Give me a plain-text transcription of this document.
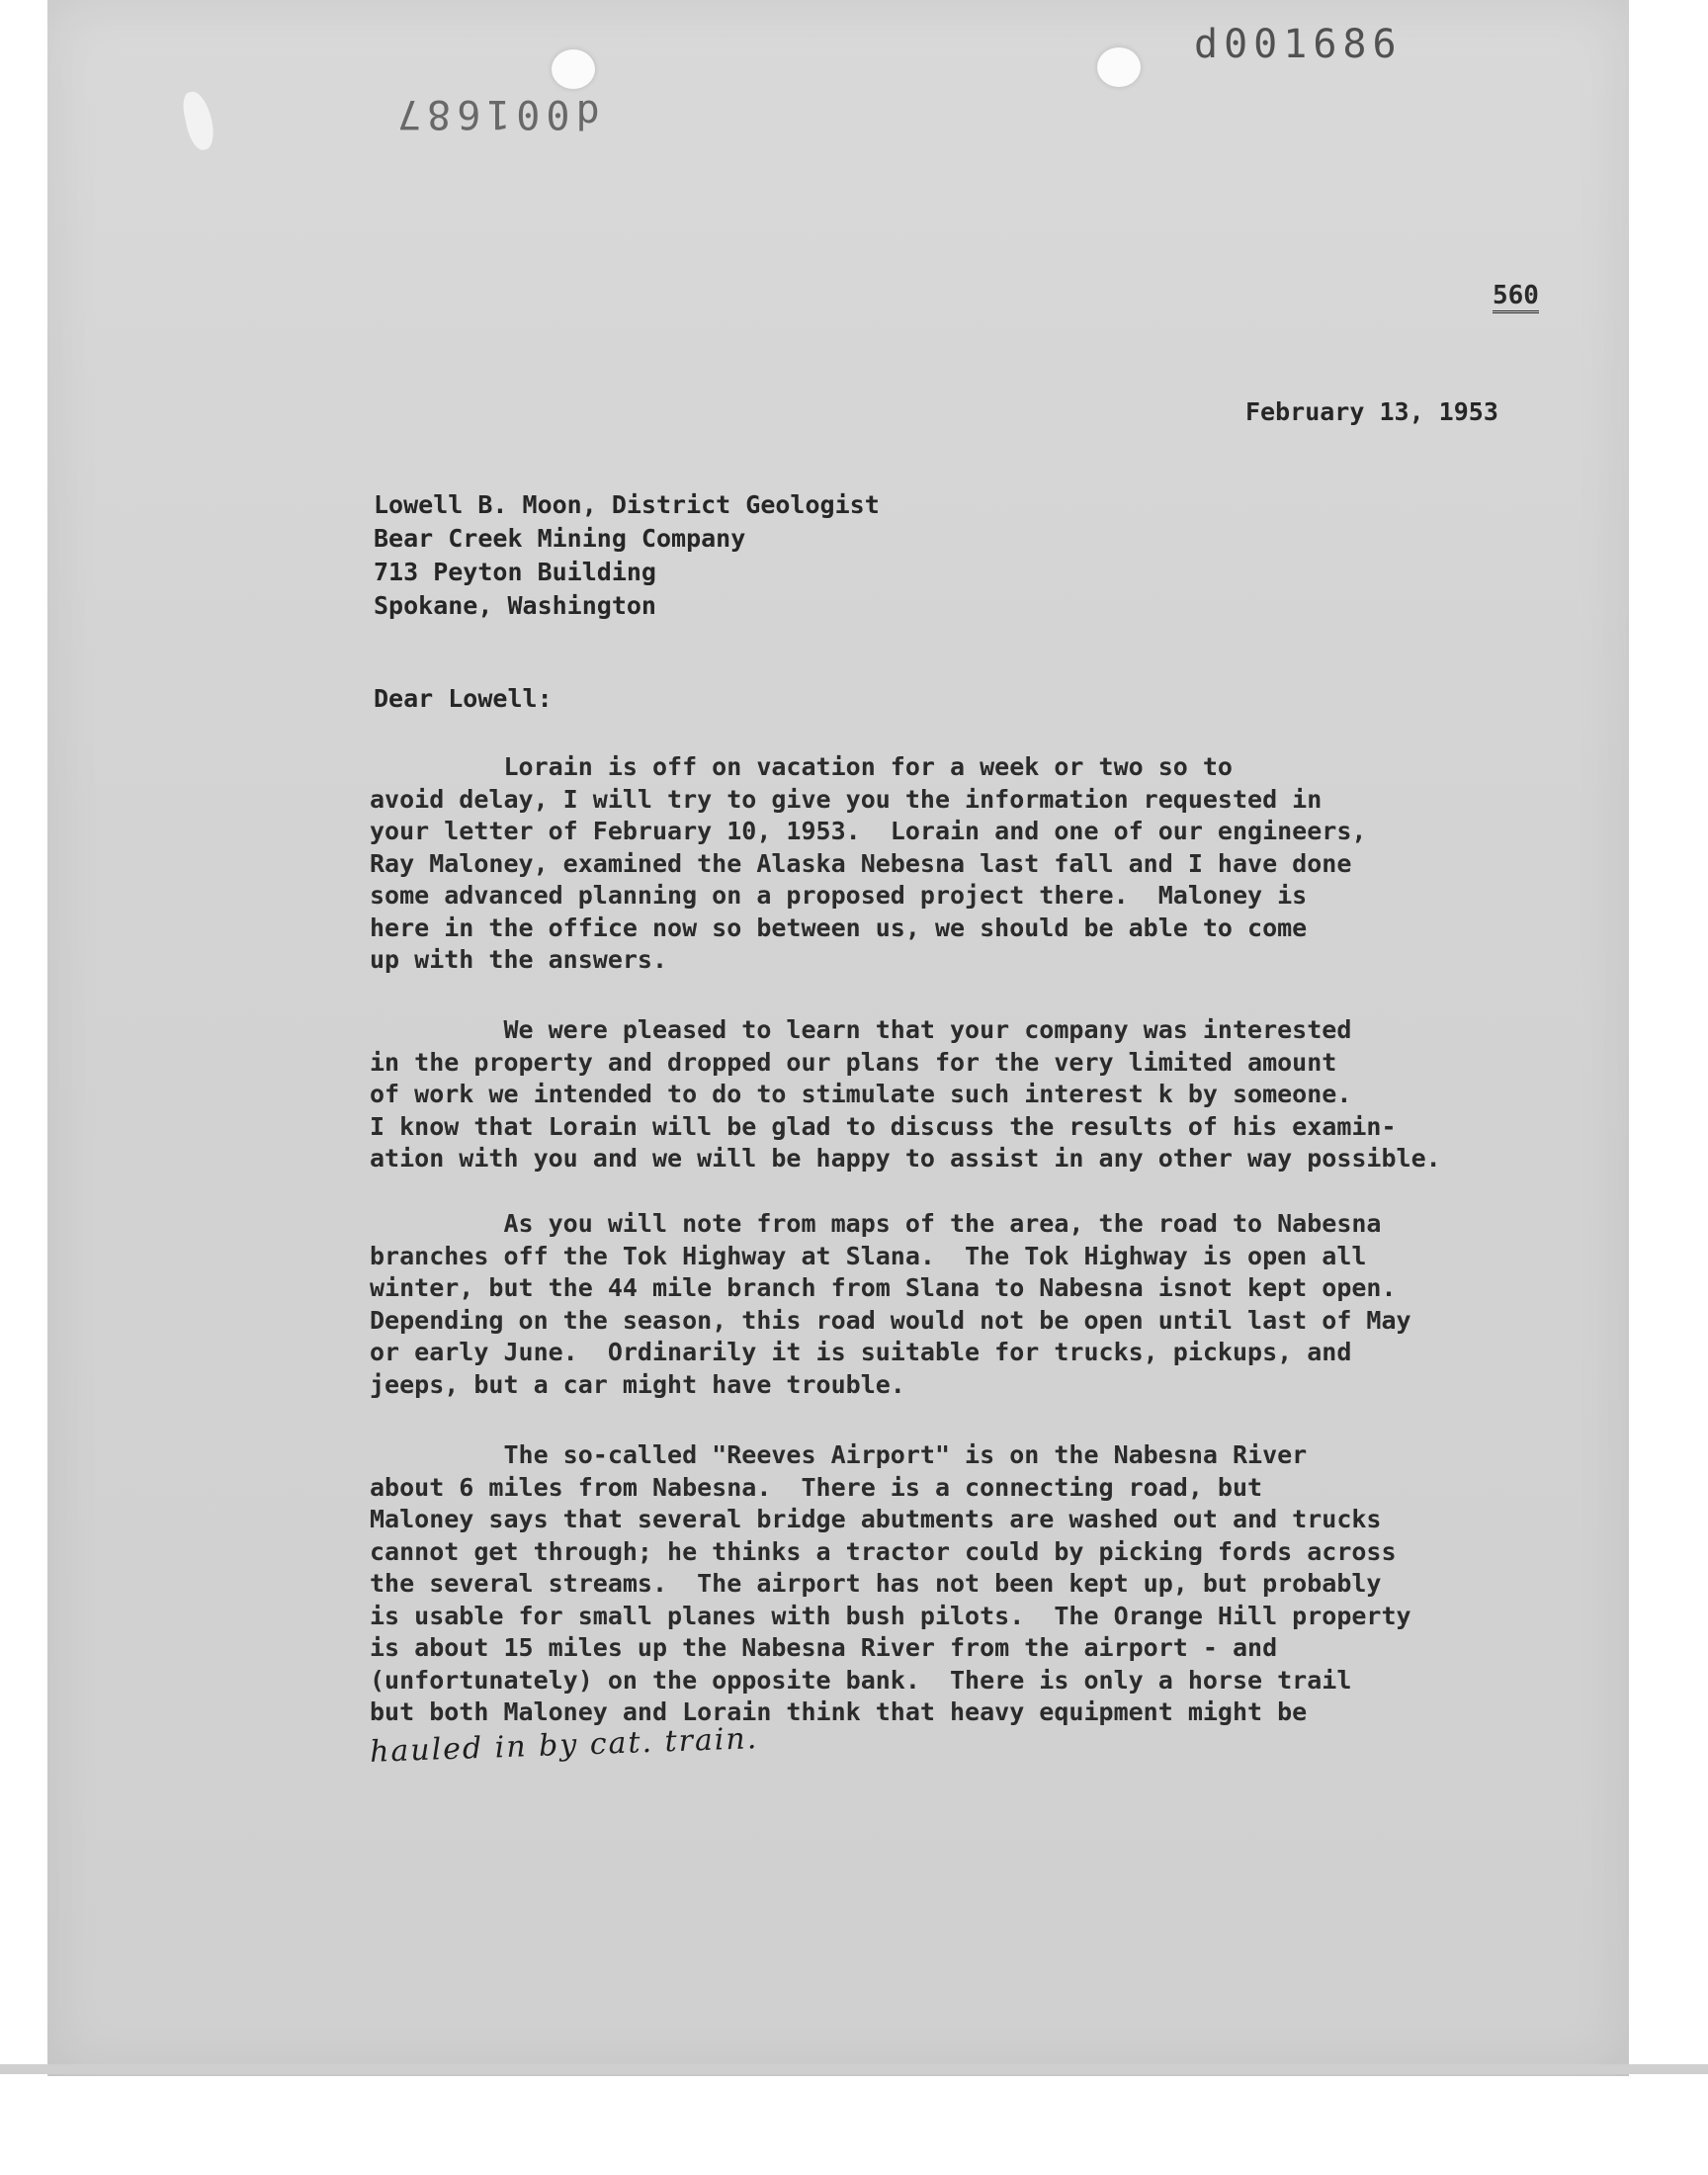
d001686
d001687
560
February 13, 1953
Lowell B. Moon, District Geologist
Bear Creek Mining Company
713 Peyton Building
Spokane, Washington
Dear Lowell:
Lorain is off on vacation for a week or two so to
avoid delay, I will try to give you the information requested in
your letter of February 10, 1953.  Lorain and one of our engineers,
Ray Maloney, examined the Alaska Nebesna last fall and I have done
some advanced planning on a proposed project there.  Maloney is
here in the office now so between us, we should be able to come
up with the answers.
We were pleased to learn that your company was interested
in the property and dropped our plans for the very limited amount
of work we intended to do to stimulate such interest k by someone.
I know that Lorain will be glad to discuss the results of his examin-
ation with you and we will be happy to assist in any other way possible.
As you will note from maps of the area, the road to Nabesna
branches off the Tok Highway at Slana.  The Tok Highway is open all
winter, but the 44 mile branch from Slana to Nabesna isnot kept open.
Depending on the season, this road would not be open until last of May
or early June.  Ordinarily it is suitable for trucks, pickups, and
jeeps, but a car might have trouble.
The so-called "Reeves Airport" is on the Nabesna River
about 6 miles from Nabesna.  There is a connecting road, but
Maloney says that several bridge abutments are washed out and trucks
cannot get through; he thinks a tractor could by picking fords across
the several streams.  The airport has not been kept up, but probably
is usable for small planes with bush pilots.  The Orange Hill property
is about 15 miles up the Nabesna River from the airport - and
(unfortunately) on the opposite bank.  There is only a horse trail
but both Maloney and Lorain think that heavy equipment might be
hauled in by cat. train.
